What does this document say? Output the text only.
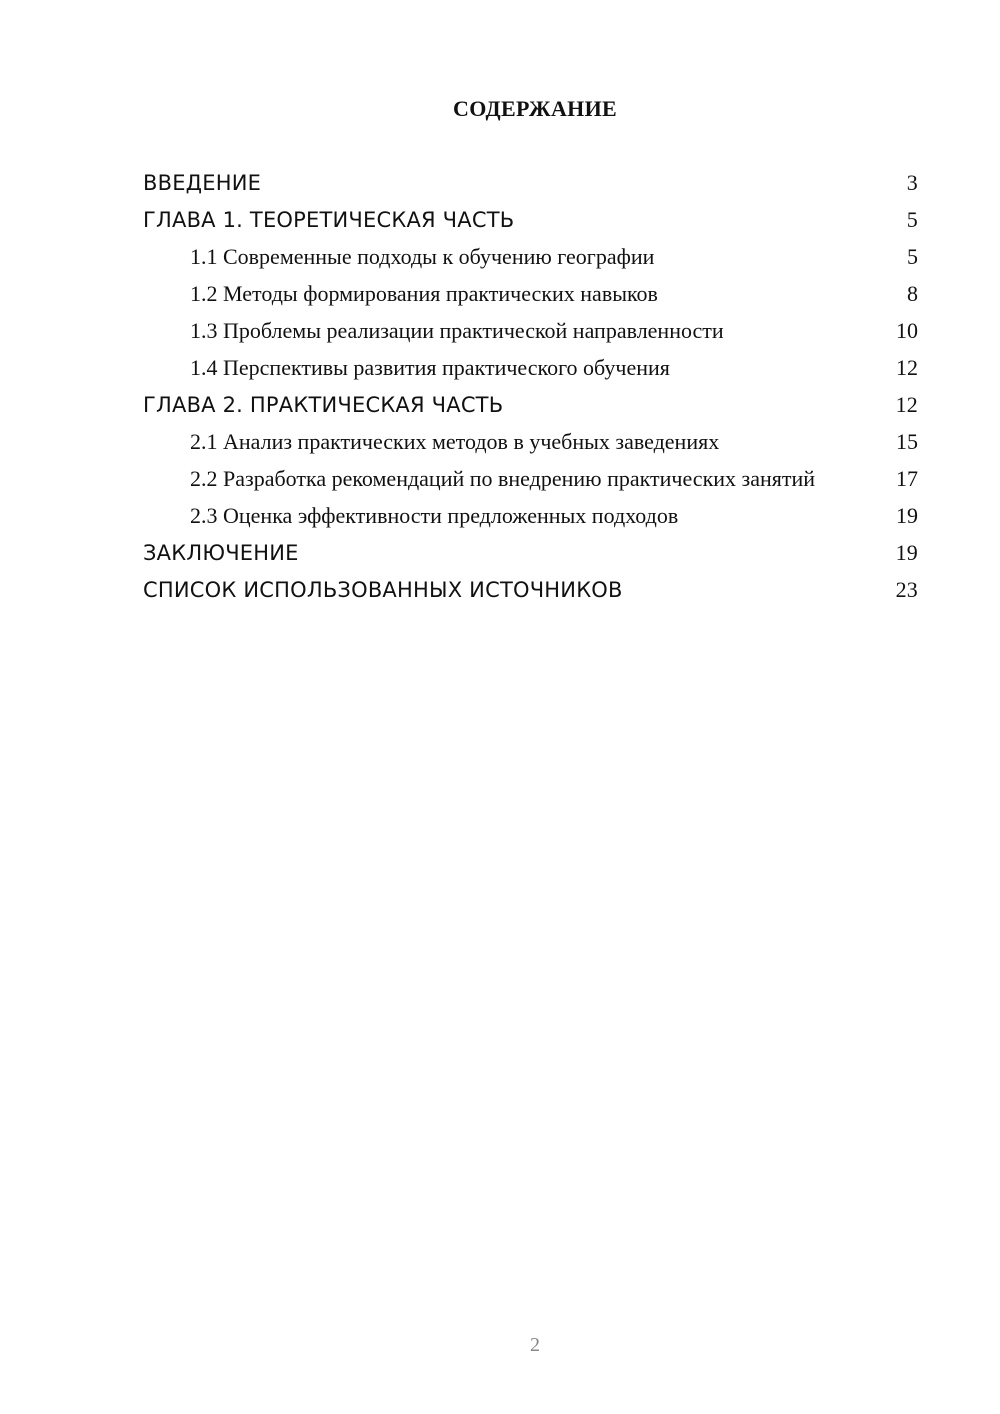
СОДЕРЖАНИЕ
ВВЕДЕНИЕ	3
ГЛАВА 1. ТЕОРЕТИЧЕСКАЯ ЧАСТЬ	5
1.1 Современные подходы к обучению географии	5
1.2 Методы формирования практических навыков	8
1.3 Проблемы реализации практической направленности	10
1.4 Перспективы развития практического обучения	12
ГЛАВА 2. ПРАКТИЧЕСКАЯ ЧАСТЬ	12
2.1 Анализ практических методов в учебных заведениях	15
2.2 Разработка рекомендаций по внедрению практических занятий	17
2.3 Оценка эффективности предложенных подходов	19
ЗАКЛЮЧЕНИЕ	19
СПИСОК ИСПОЛЬЗОВАННЫХ ИСТОЧНИКОВ	23
2
